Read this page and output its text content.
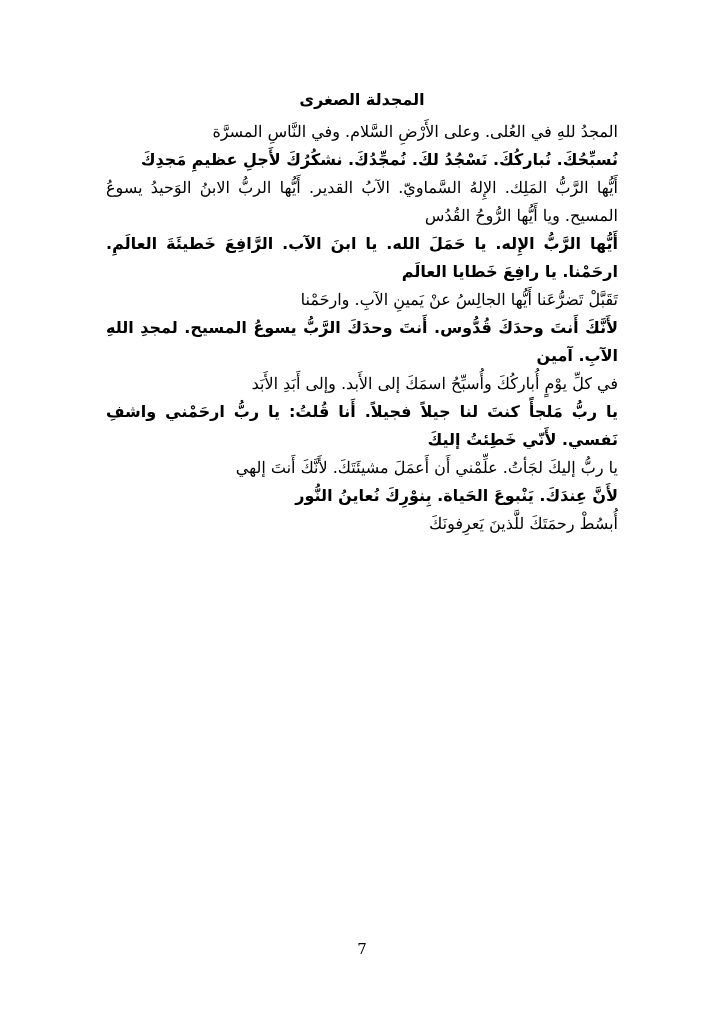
المجدلة الصغرى

المجدُ للهِ في العُلى. وعلى الأَرْضِ السَّلام. وفي النَّاسِ المسرَّة

نُسبِّحُكَ. نُباركُكَ. نَسْجُدُ لكَ. نُمجِّدُكَ. نشكُرُكَ لأَجلِ عظيمِ مَجدِكَ

أَيُّها الرَّبُّ المَلِك. الإِلهُ السَّماويّ. الآبُ القدير. أَيُّها الربُّ الابنُ الوَحيدُ يسوعُ المسيح. ويا أَيُّها الرُّوحُ القُدُس

أَيُّها الرَّبُّ الإِله. يا حَمَلَ الله. يا ابنَ الآب. الرَّافِعَ خَطيئَةَ العالَمِ. ارحَمْنا. يا رافِعَ خَطايا العالَم

تَقَبَّلْ تَضرُّعَنا أَيُّها الجالِسُ عنْ يَمينِ الآبِ. وارحَمْنا

لأَنَّكَ أَنتَ وحدَكَ قُدُّوس. أَنتَ وحدَكَ الرَّبُّ يسوعُ المسيح. لمجدِ اللهِ الآبِ. آمين

في كلِّ يوْمٍ أُباركُكَ وأُسبِّحُ اسمَكَ إلى الأَبد. وإلى أَبَدِ الأَبَد

يا ربُّ مَلجأً كنتَ لنا جيلاً فجيلاً. أَنا قُلتُ: يا ربُّ ارحَمْني واشفِ نَفسي. لأَنّي خَطِئتُ إليكَ

يا ربُّ إليكَ لجَأتُ. علِّمْني أَن أَعمَلَ مشيئَتَكَ. لأَنَّكَ أَنتَ إلهي

لأَنَّ عِندَكَ. يَنْبوعَ الحَياة. بِنوْرِكَ نُعاينُ النُّور

أُبسُطْ رحمَتَكَ للَّذينَ يَعرِفونَكَ

7
